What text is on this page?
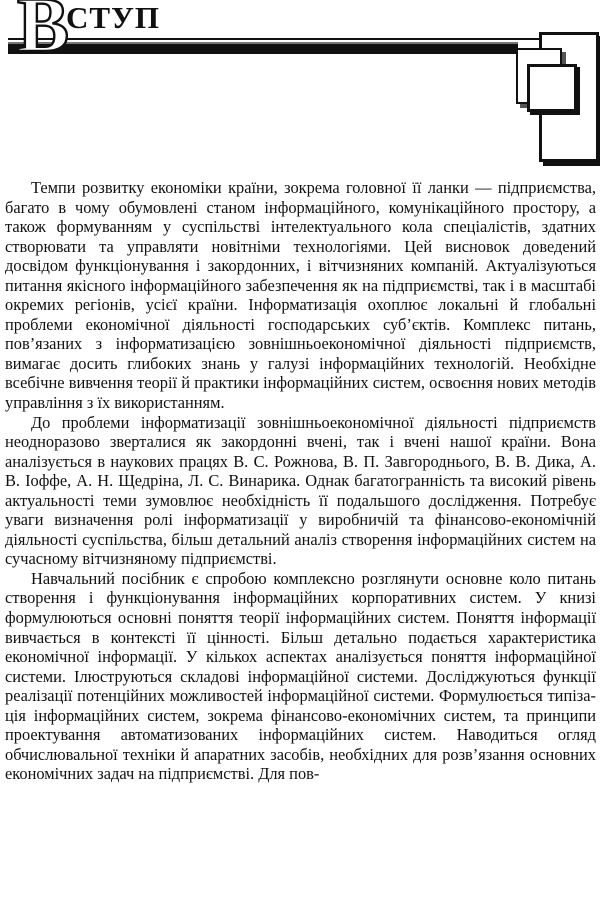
В
СТУП

Темпи розвитку економіки країни, зокрема головної її ланки — підприємства, багато в чому обумовлені станом інформаційного, комунікаційного простору, а також формуванням у суспільстві інтелектуального кола спеціалістів, здатних створювати та управляти новітніми технологіями. Цей висновок доведений досвідом функціонування і закордонних, і вітчизняних компаній. Актуалізуються питання якісного інформаційного забезпечення як на підприємстві, так і в масштабі окремих регіонів, усієї країни. Інформатизація охоплює локальні й глобальні проблеми економічної діяльності господарських суб’єктів. Комплекс питань, пов’язаних з інформатизацією зовнішньоекономічної діяльності підприємств, вимагає досить глибоких знань у галузі інформаційних технологій. Необхідне всебічне вивчення теорії й практики інформаційних систем, освоєння нових методів управління з їх використанням.

До проблеми інформатизації зовнішньоекономічної діяльності підприємств неодноразово зверталися як закордонні вчені, так і вчені нашої країни. Вона аналізується в наукових працях В. С. Рожнова, В. П. Завгороднього, В. В. Дика, А. В. Іоффе, А. Н. Щедріна, Л. С. Винарика. Однак багатогранність та високий рівень актуальності теми зумовлює необхідність її подальшого дослідження. Потребує уваги визначення ролі інформатизації у виробничій та фінансово-економічній діяльності суспільства, більш детальний аналіз створення інформаційних систем на сучасному вітчизняному підприємстві.

Навчальний посібник є спробою комплексно розглянути основне коло питань створення і функціонування інформаційних корпоративних систем. У книзі формулюються основні поняття теорії інформаційних систем. Поняття інформації вивчається в контексті її цінності. Більш детально подається характеристика економічної інформації. У кількох аспектах аналізується поняття інформаційної системи. Ілюструються складові інформаційної системи. Досліджуються функції реалізації потенційних можливостей інформаційної системи. Формулюється типізація інформаційних систем, зокрема фінансово-економічних систем, та принципи проектування автоматизованих інформаційних систем. Наводиться огляд обчислювальної техніки й апаратних засобів, необхідних для розв’язання основних економічних задач на підприємстві. Для пов-
